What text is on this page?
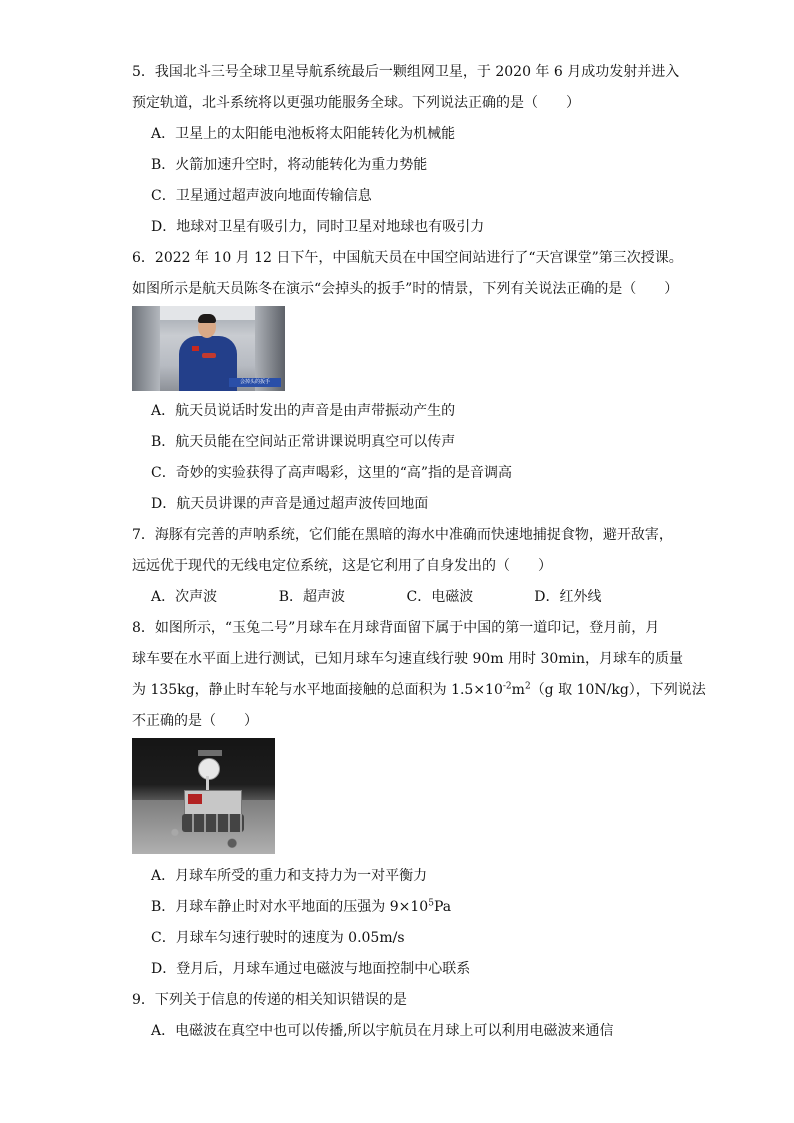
5．我国北斗三号全球卫星导航系统最后一颗组网卫星，于 2020 年 6 月成功发射并进入

预定轨道，北斗系统将以更强功能服务全球。下列说法正确的是（　　）

A．卫星上的太阳能电池板将太阳能转化为机械能

B．火箭加速升空时，将动能转化为重力势能

C．卫星通过超声波向地面传输信息

D．地球对卫星有吸引力，同时卫星对地球也有吸引力

6．2022 年 10 月 12 日下午，中国航天员在中国空间站进行了“天宫课堂”第三次授课。

如图所示是航天员陈冬在演示“会掉头的扳手”时的情景，下列有关说法正确的是（　　）

会掉头的扳手

A．航天员说话时发出的声音是由声带振动产生的

B．航天员能在空间站正常讲课说明真空可以传声

C．奇妙的实验获得了高声喝彩，这里的“高”指的是音调高

D．航天员讲课的声音是通过超声波传回地面

7．海豚有完善的声呐系统，它们能在黑暗的海水中准确而快速地捕捉食物，避开敌害，

远远优于现代的无线电定位系统，这是它利用了自身发出的（　　）

A．次声波	B．超声波	C．电磁波	D．红外线

8．如图所示，“玉兔二号”月球车在月球背面留下属于中国的第一道印记，登月前，月

球车要在水平面上进行测试，已知月球车匀速直线行驶 90m 用时 30min，月球车的质量

为 135kg，静止时车轮与水平地面接触的总面积为 $1.5\times 10^{-2}m^2(g$ 取 10N/kg），下列说法

不正确的是（　　）

A．月球车所受的重力和支持力为一对平衡力

B．月球车静止时对水平地面的压强为 $9\times 10^5Pa$

C．月球车匀速行驶时的速度为 0.05m/s

D．登月后，月球车通过电磁波与地面控制中心联系

9．下列关于信息的传递的相关知识错误的是

A．电磁波在真空中也可以传播,所以宇航员在月球上可以利用电磁波来通信
